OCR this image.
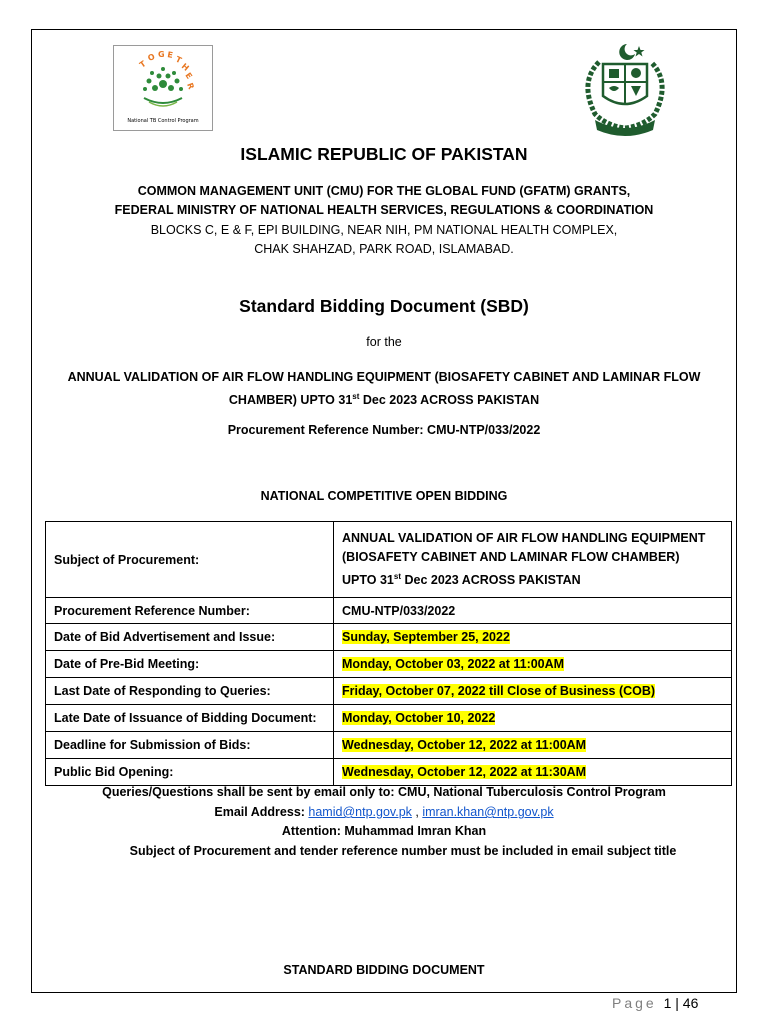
T
O G E T
H
E
R
National TB Control Program
ISLAMIC REPUBLIC OF PAKISTAN
COMMON MANAGEMENT UNIT (CMU) FOR THE GLOBAL FUND (GFATM) GRANTS,
FEDERAL MINISTRY OF NATIONAL HEALTH SERVICES, REGULATIONS & COORDINATION
BLOCKS C, E & F, EPI BUILDING, NEAR NIH, PM NATIONAL HEALTH COMPLEX,
CHAK SHAHZAD, PARK ROAD, ISLAMABAD.
Standard Bidding Document (SBD)
for the
ANNUAL VALIDATION OF AIR FLOW HANDLING EQUIPMENT (BIOSAFETY CABINET AND LAMINAR FLOW
CHAMBER) UPTO 31st Dec 2023 ACROSS PAKISTAN
Procurement Reference Number: CMU-NTP/033/2022
NATIONAL COMPETITIVE OPEN BIDDING
Subject of Procurement:	ANNUAL VALIDATION OF AIR FLOW HANDLING EQUIPMENT
(BIOSAFETY CABINET AND LAMINAR FLOW CHAMBER)
UPTO 31st Dec 2023 ACROSS PAKISTAN

Procurement Reference Number:	CMU-NTP/033/2022
Date of Bid Advertisement and Issue:	Sunday, September 25, 2022
Date of Pre-Bid Meeting:	Monday, October 03, 2022 at 11:00AM
Last Date of Responding to Queries:	Friday, October 07, 2022 till Close of Business (COB)
Late Date of Issuance of Bidding Document:	Monday, October 10, 2022
Deadline for Submission of Bids:	Wednesday, October 12, 2022 at 11:00AM
Public Bid Opening:	Wednesday, October 12, 2022 at 11:30AM
Queries/Questions shall be sent by email only to: CMU, National Tuberculosis Control Program
Email Address: hamid@ntp.gov.pk , imran.khan@ntp.gov.pk
Attention: Muhammad Imran Khan
Subject of Procurement and tender reference number must be included in email subject title
STANDARD BIDDING DOCUMENT
Page 1 | 46
